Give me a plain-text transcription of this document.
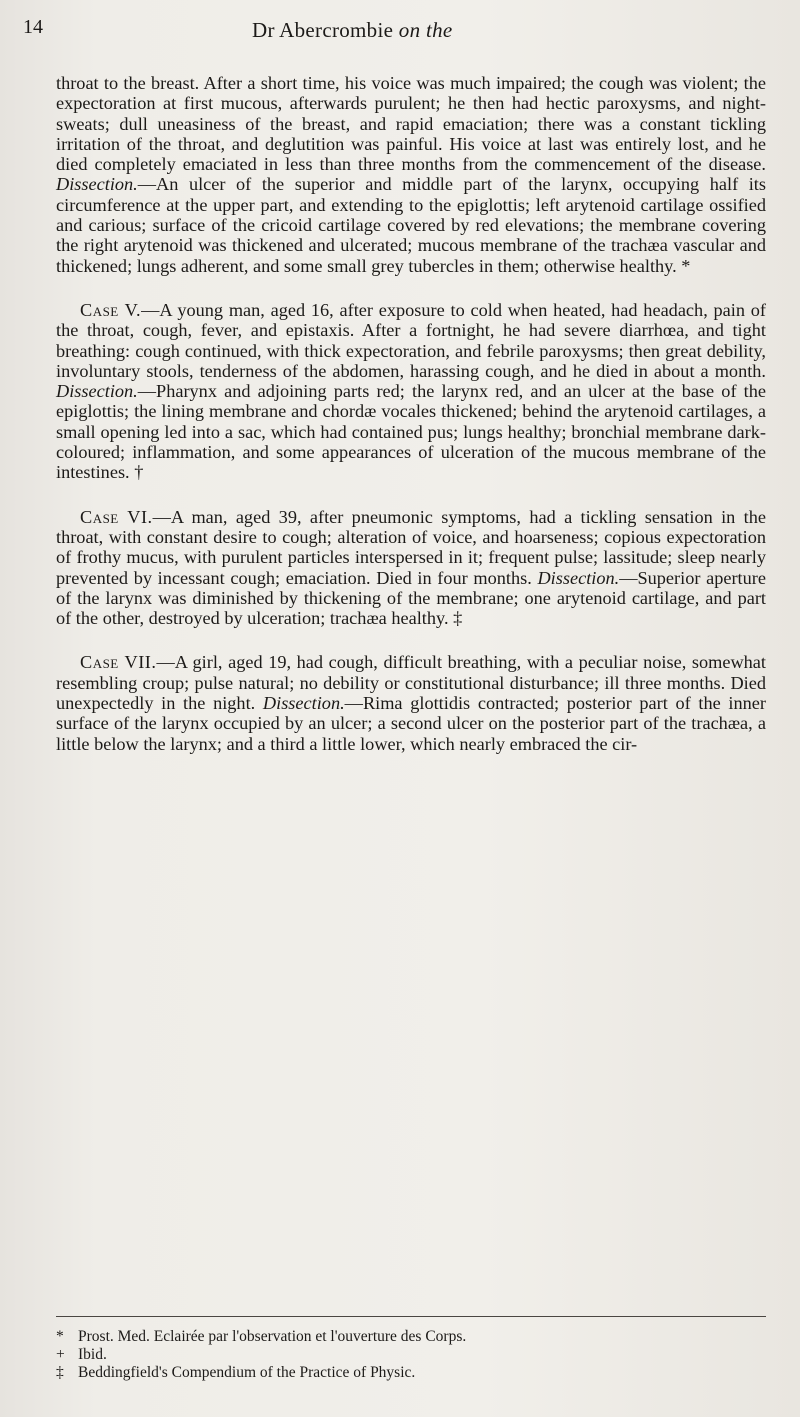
14	Dr Abercrombie on the

throat to the breast. After a short time, his voice was much impaired; the cough was violent; the expectoration at first mucous, afterwards purulent; he then had hectic paroxysms, and night-sweats; dull uneasiness of the breast, and rapid emaciation; there was a constant tickling irritation of the throat, and deglutition was painful. His voice at last was entirely lost, and he died completely emaciated in less than three months from the commencement of the disease. Dissection.—An ulcer of the superior and middle part of the larynx, occupying half its circumference at the upper part, and extending to the epiglottis; left arytenoid cartilage ossified and carious; surface of the cricoid cartilage covered by red elevations; the membrane covering the right arytenoid was thickened and ulcerated; mucous membrane of the trachæa vascular and thickened; lungs adherent, and some small grey tubercles in them; otherwise healthy. *

Case V.—A young man, aged 16, after exposure to cold when heated, had headach, pain of the throat, cough, fever, and epistaxis. After a fortnight, he had severe diarrhœa, and tight breathing: cough continued, with thick expectoration, and febrile paroxysms; then great debility, involuntary stools, tenderness of the abdomen, harassing cough, and he died in about a month. Dissection.—Pharynx and adjoining parts red; the larynx red, and an ulcer at the base of the epiglottis; the lining membrane and chordæ vocales thickened; behind the arytenoid cartilages, a small opening led into a sac, which had contained pus; lungs healthy; bronchial membrane dark-coloured; inflammation, and some appearances of ulceration of the mucous membrane of the intestines. †

Case VI.—A man, aged 39, after pneumonic symptoms, had a tickling sensation in the throat, with constant desire to cough; alteration of voice, and hoarseness; copious expectoration of frothy mucus, with purulent particles interspersed in it; frequent pulse; lassitude; sleep nearly prevented by incessant cough; emaciation. Died in four months. Dissection.—Superior aperture of the larynx was diminished by thickening of the membrane; one arytenoid cartilage, and part of the other, destroyed by ulceration; trachæa healthy. ‡

Case VII.—A girl, aged 19, had cough, difficult breathing, with a peculiar noise, somewhat resembling croup; pulse natural; no debility or constitutional disturbance; ill three months. Died unexpectedly in the night. Dissection.—Rima glottidis contracted; posterior part of the inner surface of the larynx occupied by an ulcer; a second ulcer on the posterior part of the trachæa, a little below the larynx; and a third a little lower, which nearly embraced the cir-

* Prost. Med. Eclairée par l'observation et l'ouverture des Corps.

+ Ibid.

‡ Beddingfield's Compendium of the Practice of Physic.
